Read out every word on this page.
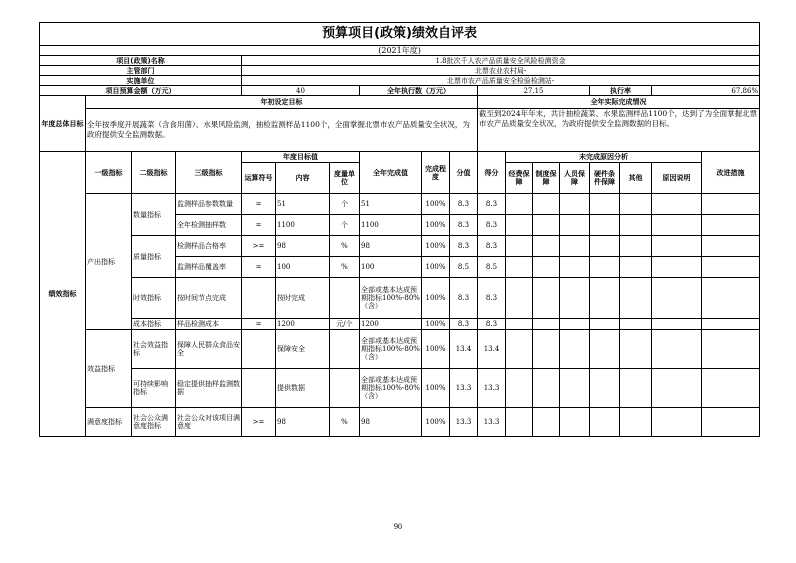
预算项目(政策)绩效自评表																	
(2021年度)																	
项目(政策)名称				1.8批次千人农产品质量安全风险检测资金													
主管部门				北票农业农村局-													
实施单位				北票市农产品质量安全检验检测站-													
项目预算金额（万元）				40			全年执行数（万元）			27.15				执行率		67.86%	
年度总体目标	年初设定目标									全年实际完成情况							
	全年按季度开展蔬菜（含食用菌）、水果风险监测，抽检监测样品1100个，全面掌握北票市农产品质量安全状况，为政府提供安全监测数据。									截至到2024年年末，共计抽检蔬菜、水果监测样品1100个，达到了为全面掌握北票市农产品质量安全状况，为政府提供安全监测数据的目标。							
绩效指标	一级指标	二级指标	三级指标	年度目标值			全年完成值	完成程度	分值	得分	未完成原因分析						改进措施
				运算符号	内容	度量单位					经费保障	制度保障	人员保障	硬件条件保障	其他	原因说明	
	产出指标	数量指标	监测样品参数数量	=	51	个	51	100%	8.3	8.3							
			全年检测抽样数	=	1100	个	1100	100%	8.3	8.3							
		质量指标	检测样品合格率	>=	98	%	98	100%	8.3	8.3							
			监测样品覆盖率	=	100	%	100	100%	8.5	8.5							
		时效指标	按时间节点完成		按时完成		全部或基本达成预期指标100%-80%（含）	100%	8.3	8.3							
		成本指标	样品检测成本	=	1200	元/个	1200	100%	8.3	8.3							
	效益指标	社会效益指标	保障人民群众食品安全		保障安全		全部或基本达成预期指标100%-80%（含）	100%	13.4	13.4							
		可持续影响指标	稳定提供抽样监测数据		提供数据		全部或基本达成预期指标100%-80%（含）	100%	13.3	13.3							
	满意度指标	社会公众满意度指标	社会公众对该项目满意度	>=	98	%	98	100%	13.3	13.3							
90
